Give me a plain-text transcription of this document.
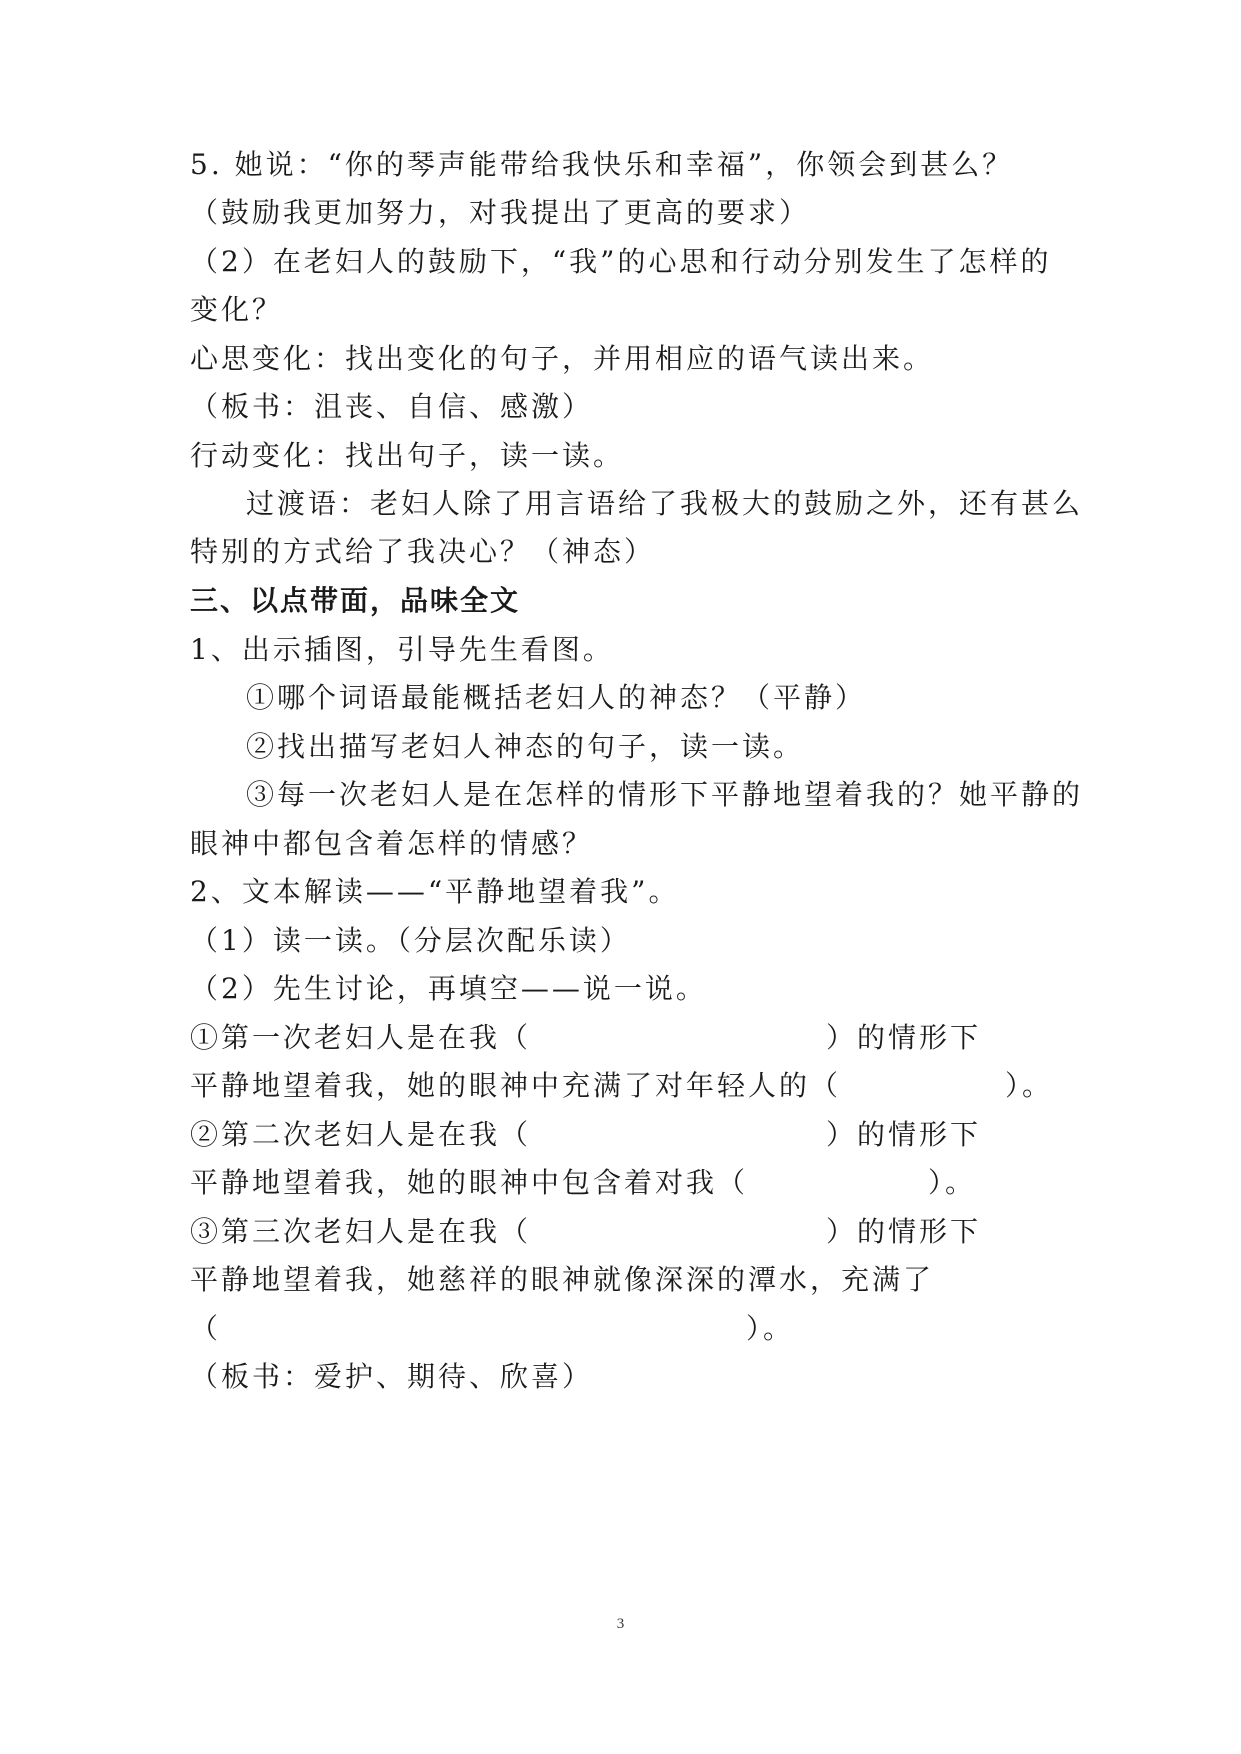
5. 她说：“你的琴声能带给我快乐和幸福”，你领会到甚么？
（鼓励我更加努力，对我提出了更高的要求）
（2）在老妇人的鼓励下，“我”的心思和行动分别发生了怎样的
变化？
心思变化：找出变化的句子，并用相应的语气读出来。
（板书：沮丧、自信、感激）
行动变化：找出句子，读一读。
过渡语：老妇人除了用言语给了我极大的鼓励之外，还有甚么
特别的方式给了我决心？（神态）
三、以点带面，品味全文
1、出示插图，引导先生看图。
①哪个词语最能概括老妇人的神态？（平静）
②找出描写老妇人神态的句子，读一读。
③每一次老妇人是在怎样的情形下平静地望着我的？她平静的
眼神中都包含着怎样的情感？
2、文本解读——“平静地望着我”。
（1）读一读。（分层次配乐读）
（2）先生讨论，再填空——说一说。
①第一次老妇人是在我（	）的情形下
平静地望着我，她的眼神中充满了对年轻人的（	）。
②第二次老妇人是在我（	）的情形下
平静地望着我，她的眼神中包含着对我（	）。
③第三次老妇人是在我（	）的情形下
平静地望着我，她慈祥的眼神就像深深的潭水，充满了
（	）。
（板书：爱护、期待、欣喜）
3
